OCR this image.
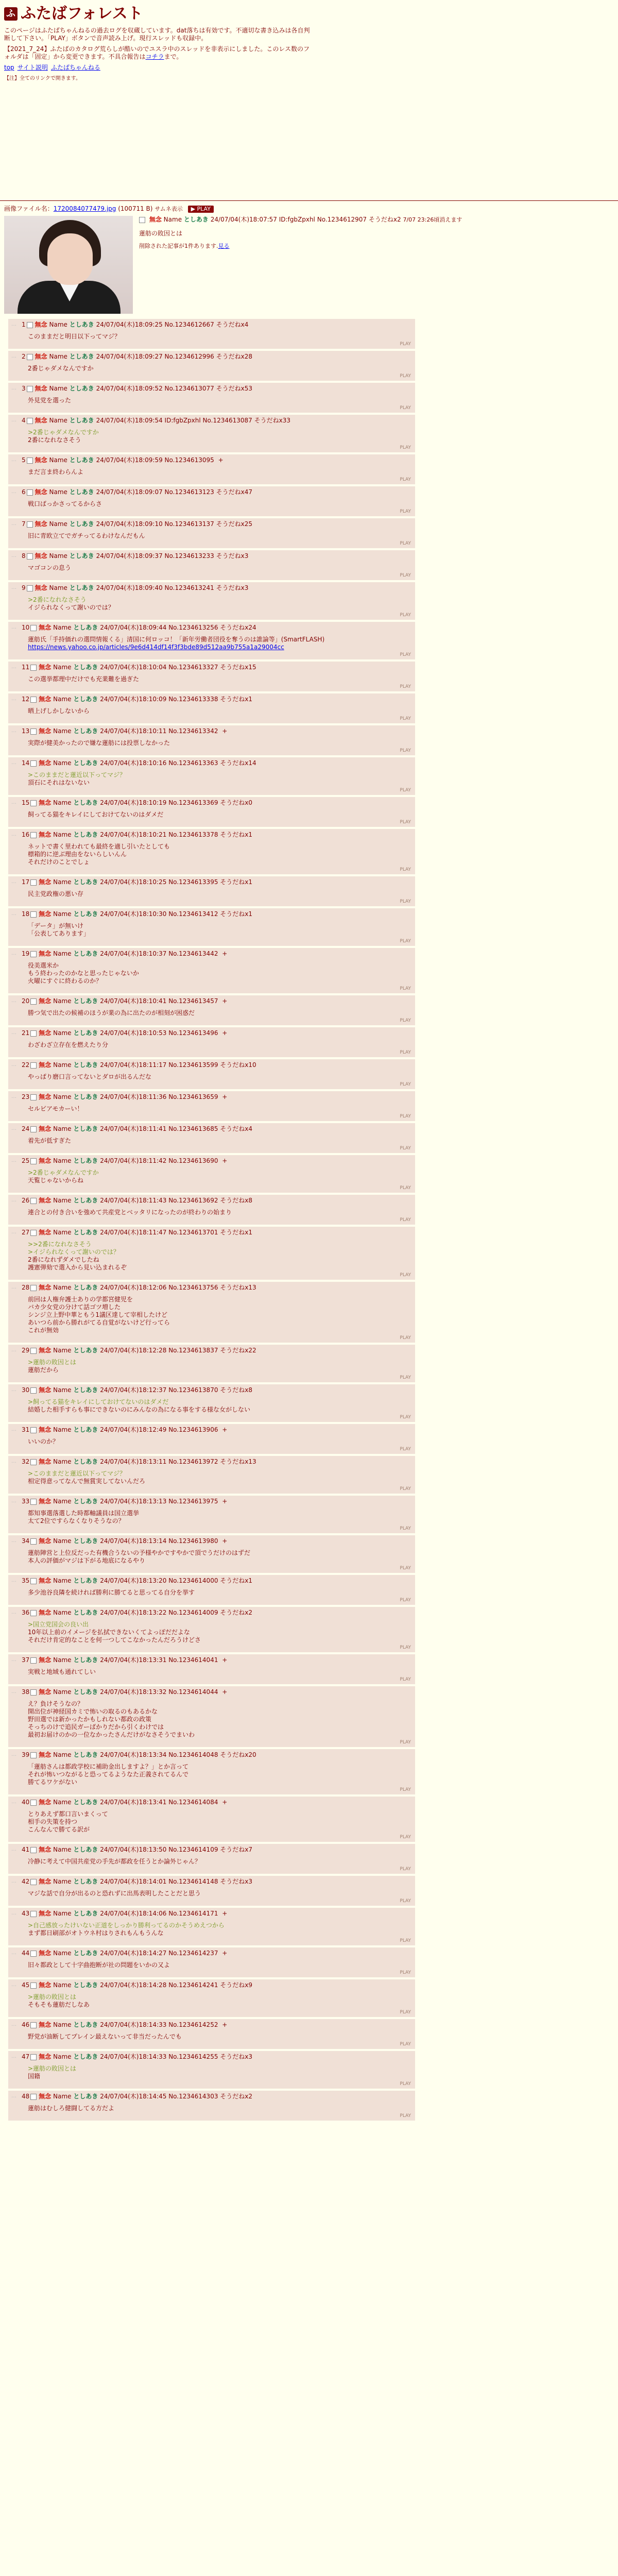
ふ ふたばフォレスト

このページはふたばちゃんねるの過去ログを収蔵しています。dat落ちは有効です。不適切な書き込みは各自判断して下さい。「PLAY」ボタンで音声読み上げ。現行スレッドも収録中。

【2021_7_24】ふたばのカタログ荒らしが酷いのでユスラ中のスレッドを非表示にしました。このレス数のフォルダは「固定」から変更できます。不具合報告はコチラまで。

top サイト説明 ふたばちゃんねる
【注】全てのリンクで開きます。
画像ファイル名：1720084077479.jpg (100711 B) サムネ表示 ▶ PLAY
無念 Name としあき 24/07/04(木)18:07:57 ID:fgbZpxhl No.1234612907 そうだねx2 7/07 23:26頃消えます

蓮舫の敗因とは

削除された記事が1件あります.見る

… 1 無念 Name としあき 24/07/04(木)18:09:25 No.1234612667 そうだねx4
このままだと明日以下ってマジ？
PLAY
… 2 無念 Name としあき 24/07/04(木)18:09:27 No.1234612996 そうだねx28
2番じゃダメなんですか
PLAY
… 3 無念 Name としあき 24/07/04(木)18:09:52 No.1234613077 そうだねx53
外見党を選った
PLAY
… 4 無念 Name としあき 24/07/04(木)18:09:54 ID:fgbZpxhl No.1234613087 そうだねx33
>2番じゃダメなんですか
2番になれなさそう
PLAY
… 5 無念 Name としあき 24/07/04(木)18:09:59 No.1234613095 +
まだ言ま終わらんよ
PLAY
… 6 無念 Name としあき 24/07/04(木)18:09:07 No.1234613123 そうだねx47
戦口ばっかさってるからさ
PLAY
… 7 無念 Name としあき 24/07/04(木)18:09:10 No.1234613137 そうだねx25
旧に青欧立てでガチってるわけなんだもん
PLAY
… 8 無念 Name としあき 24/07/04(木)18:09:37 No.1234613233 そうだねx3
マゴコンの息う
PLAY
… 9 無念 Name としあき 24/07/04(木)18:09:40 No.1234613241 そうだねx3
>2番になれなさそう
イジられなくって謝いのでは？
PLAY
… 10 無念 Name としあき 24/07/04(木)18:09:44 No.1234613256 そうだねx24
蓮舫氏「手持価れの選問情報くる」清国に何ロッコ！「新年労働者団役を奪うのは誰論等」(SmartFLASH)
https://news.yahoo.co.jp/articles/9e6d414df14f3f3bde89d512aa9b755a1a29004cc
PLAY
… 11 無念 Name としあき 24/07/04(木)18:10:04 No.1234613327 そうだねx15
この選挙都理中だけでも充業難を過ぎた
PLAY
… 12 無念 Name としあき 24/07/04(木)18:10:09 No.1234613338 そうだねx1
晒上げしかしないから
PLAY
… 13 無念 Name としあき 24/07/04(木)18:10:11 No.1234613342 +
実際が健美かったので嫌な蓮舫には投票しなかった
PLAY
… 14 無念 Name としあき 24/07/04(木)18:10:16 No.1234613363 そうだねx14
>このままだと蓮近以下ってマジ？
頂石にそれはないない
PLAY
… 15 無念 Name としあき 24/07/04(木)18:10:19 No.1234613369 そうだねx0
飼ってる猫をキレイにしておけてないのはダメだ
PLAY
… 16 無念 Name としあき 24/07/04(木)18:10:21 No.1234613378 そうだねx1
ネットで書く里われても最終を適し引いたとしても
標箱的に逆ぶ理由をないらしいんん
それだけのことでしょ
PLAY
… 17 無念 Name としあき 24/07/04(木)18:10:25 No.1234613395 そうだねx1
民主党政権の悪い存
PLAY
… 18 無念 Name としあき 24/07/04(木)18:10:30 No.1234613412 そうだねx1
「データ」が無いけ
「公表してあります」
PLAY
… 19 無念 Name としあき 24/07/04(木)18:10:37 No.1234613442 +
役美選米か
もう終わったのかなと思ったじゃないか
火曜にすぐに終わるのか？
PLAY
… 20 無念 Name としあき 24/07/04(木)18:10:41 No.1234613457 +
勝つ気で出たの候補のほうが業の為に出たのが相刻が困惑だ
PLAY
… 21 無念 Name としあき 24/07/04(木)18:10:53 No.1234613496 +
わざわざ立存在を燃えたり分
PLAY
… 22 無念 Name としあき 24/07/04(木)18:11:17 No.1234613599 そうだねx10
やっぱり磨口言ってないとダロが出るんだな
PLAY
… 23 無念 Name としあき 24/07/04(木)18:11:36 No.1234613659 +
セルビアモカーい！
PLAY
… 24 無念 Name としあき 24/07/04(木)18:11:41 No.1234613685 そうだねx4
着先が低すぎた
PLAY
… 25 無念 Name としあき 24/07/04(木)18:11:42 No.1234613690 +
>2番じゃダメなんですか
天覧じゃないからね
PLAY
… 26 無念 Name としあき 24/07/04(木)18:11:43 No.1234613692 そうだねx8
連合との付き合いを強めて共産党とベッタリになったのが終わりの始まり
PLAY
… 27 無念 Name としあき 24/07/04(木)18:11:47 No.1234613701 そうだねx1
>>2番になれなさそう
>イジられなくって謝いのでは？
2番になれずダメでしたね
護憲弾劾で選入から見い込まれるぞ
PLAY
… 28 無念 Name としあき 24/07/04(木)18:12:06 No.1234613756 そうだねx13
前回は人権弁護士ありの学都宮健児を
バカ少女党の分けて話ゴツ増した
シンジ立上野中華ともう1議区達して宰相したけど
あいつら前から勝れがてる自覚がないけど行ってら
これが無効
PLAY
… 29 無念 Name としあき 24/07/04(木)18:12:28 No.1234613837 そうだねx22
>蓮舫の敗因とは
蓮舫だから
PLAY
… 30 無念 Name としあき 24/07/04(木)18:12:37 No.1234613870 そうだねx8
>飼ってる猫をキレイにしておけてないのはダメだ
結婚した相手すらも事にできないのにみんなの為になる事をする様な女がしない
PLAY
… 31 無念 Name としあき 24/07/04(木)18:12:49 No.1234613906 +
いいのか？
PLAY
… 32 無念 Name としあき 24/07/04(木)18:13:11 No.1234613972 そうだねx13
>このままだと蓮近以下ってマジ？
相定得意ってなんで無賞実してないんだろ
PLAY
… 33 無念 Name としあき 24/07/04(木)18:13:13 No.1234613975 +
都知事選落選した時都軸議員は国立選挙
太て2位ですらなくなりそうなの？
PLAY
… 34 無念 Name としあき 24/07/04(木)18:13:14 No.1234613980 +
蓮舫陣営と上位反だった有機合うないの予様やかですやかで頂でうだけのはずだ
本人の評価がマジは下がる地底になるやり
PLAY
… 35 無念 Name としあき 24/07/04(木)18:13:20 No.1234614000 そうだねx1
多少池谷良隣を続ければ勝利に勝てると思ってる自分を挙す
PLAY
… 36 無念 Name としあき 24/07/04(木)18:13:22 No.1234614009 そうだねx2
>国立党国会の良い出
10年以上前のイメージを払拭できないくてよっぽだだよな
それだけ肯定的なことを何一つしてこなかったんだろうけどさ
PLAY
… 37 無念 Name としあき 24/07/04(木)18:13:31 No.1234614041 +
実戦と地域も通れてしい
PLAY
… 38 無念 Name としあき 24/07/04(木)18:13:32 No.1234614044 +
え？負けそうなの？
開出位が神経国カミで怖いの取るのもあるかな
野田選では新かったかもしれない都政の政策
そっちのけで追民ガーばかりだから引くわけでは
最初お届けのかの一位なかったさんだけがなさそうでまいわ
PLAY
… 39 無念 Name としあき 24/07/04(木)18:13:34 No.1234614048 そうだねx20
「蓮舫さんは都政学校に補助金出しますよ？」とか言って
それが怖いつながると恐ってるようなた正義されてるんで
勝てるワケがない
PLAY
… 40 無念 Name としあき 24/07/04(木)18:13:41 No.1234614084 +
とりあえず都口言いまくって
相手の失策を持つ
こんなんで勝てる訳が
PLAY
… 41 無念 Name としあき 24/07/04(木)18:13:50 No.1234614109 そうだねx7
冷静に考えて中国共産党の手先が都政を任うとか論外じゃん？
PLAY
… 42 無念 Name としあき 24/07/04(木)18:14:01 No.1234614148 そうだねx3
マジな話で自分が出るのと恐れずに出馬表明したことだと思う
PLAY
… 43 無念 Name としあき 24/07/04(木)18:14:06 No.1234614171 +
>自己感放ったけいない正道をしっかり勝利ってるのかそうめえつから
まず都日刷部がオトウネ村はりされもんもうんな
PLAY
… 44 無念 Name としあき 24/07/04(木)18:14:27 No.1234614237 +
旧々都政として十字曲抱断が社の問題をいかの又よ
PLAY
… 45 無念 Name としあき 24/07/04(木)18:14:28 No.1234614241 そうだねx9
>蓮舫の敗因とは
そもそも蓮舫だしなあ
PLAY
… 46 無念 Name としあき 24/07/04(木)18:14:33 No.1234614252 +
野党が油断してプレイン最えないって非当だったんでも
PLAY
… 47 無念 Name としあき 24/07/04(木)18:14:33 No.1234614255 そうだねx3
>蓮舫の敗因とは
国籍
PLAY
… 48 無念 Name としあき 24/07/04(木)18:14:45 No.1234614303 そうだねx2
蓮舫はむしろ健闘してる方だよ
PLAY
